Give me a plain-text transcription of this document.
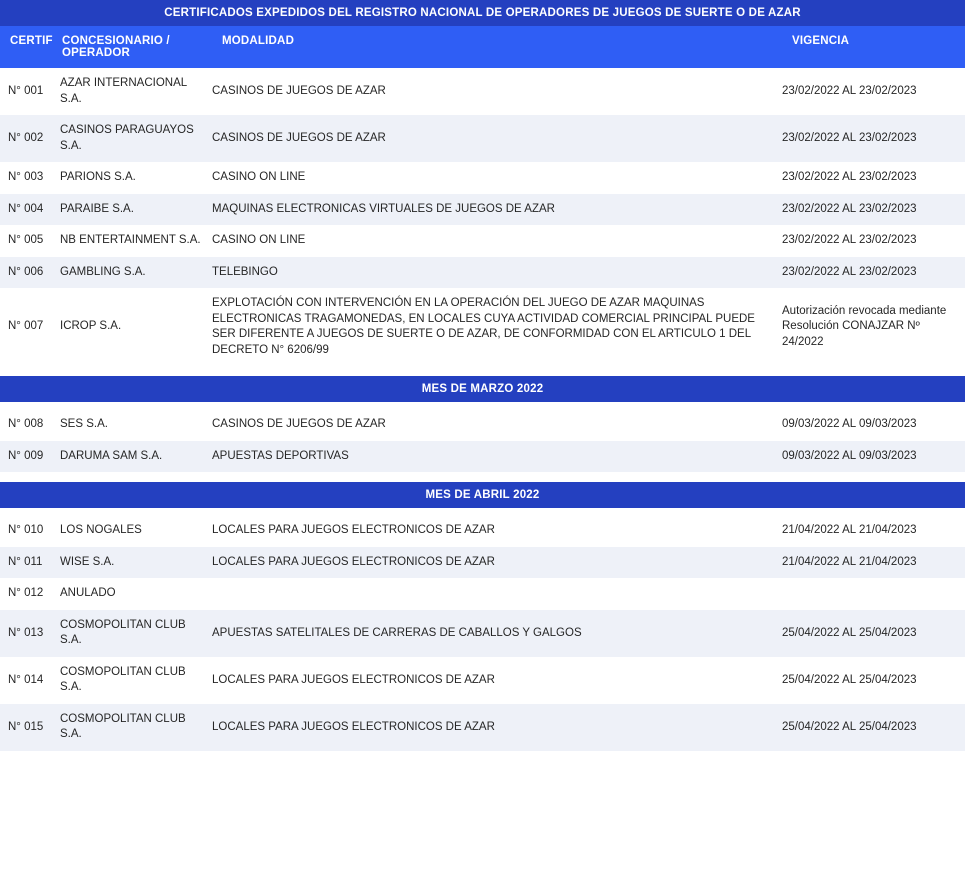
CERTIFICADOS EXPEDIDOS DEL REGISTRO NACIONAL DE OPERADORES DE JUEGOS DE SUERTE O DE AZAR			
CERTIF	CONCESIONARIO / OPERADOR	MODALIDAD	VIGENCIA
N° 001	AZAR INTERNACIONAL S.A.	CASINOS DE JUEGOS DE AZAR	23/02/2022 AL 23/02/2023
N° 002	CASINOS PARAGUAYOS S.A.	CASINOS DE JUEGOS DE AZAR	23/02/2022 AL 23/02/2023
N° 003	PARIONS S.A.	CASINO ON LINE	23/02/2022 AL 23/02/2023
N° 004	PARAIBE S.A.	MAQUINAS ELECTRONICAS VIRTUALES DE JUEGOS DE AZAR	23/02/2022 AL 23/02/2023
N° 005	NB ENTERTAINMENT S.A.	CASINO ON LINE	23/02/2022 AL 23/02/2023
N° 006	GAMBLING S.A.	TELEBINGO	23/02/2022 AL 23/02/2023
N° 007	ICROP S.A.	EXPLOTACIÓN CON INTERVENCIÓN EN LA OPERACIÓN DEL JUEGO DE AZAR MAQUINAS ELECTRONICAS TRAGAMONEDAS, EN LOCALES CUYA ACTIVIDAD COMERCIAL PRINCIPAL PUEDE SER DIFERENTE A JUEGOS DE SUERTE O DE AZAR, DE CONFORMIDAD CON EL ARTICULO 1 DEL DECRETO N° 6206/99	Autorización revocada mediante Resolución CONAJZAR Nº 24/2022

MES DE MARZO 2022			

N° 008	SES S.A.	CASINOS DE JUEGOS DE AZAR	09/03/2022 AL 09/03/2023
N° 009	DARUMA SAM S.A.	APUESTAS DEPORTIVAS	09/03/2022 AL 09/03/2023

MES DE ABRIL 2022			

N° 010	LOS NOGALES	LOCALES PARA JUEGOS ELECTRONICOS DE AZAR	21/04/2022 AL 21/04/2023
N° 011	WISE S.A.	LOCALES PARA JUEGOS ELECTRONICOS DE AZAR	21/04/2022 AL 21/04/2023
N° 012	ANULADO		
N° 013	COSMOPOLITAN CLUB S.A.	APUESTAS SATELITALES DE CARRERAS DE CABALLOS Y GALGOS	25/04/2022 AL 25/04/2023
N° 014	COSMOPOLITAN CLUB S.A.	LOCALES PARA JUEGOS ELECTRONICOS DE AZAR	25/04/2022 AL 25/04/2023
N° 015	COSMOPOLITAN CLUB S.A.	LOCALES PARA JUEGOS ELECTRONICOS DE AZAR	25/04/2022 AL 25/04/2023
